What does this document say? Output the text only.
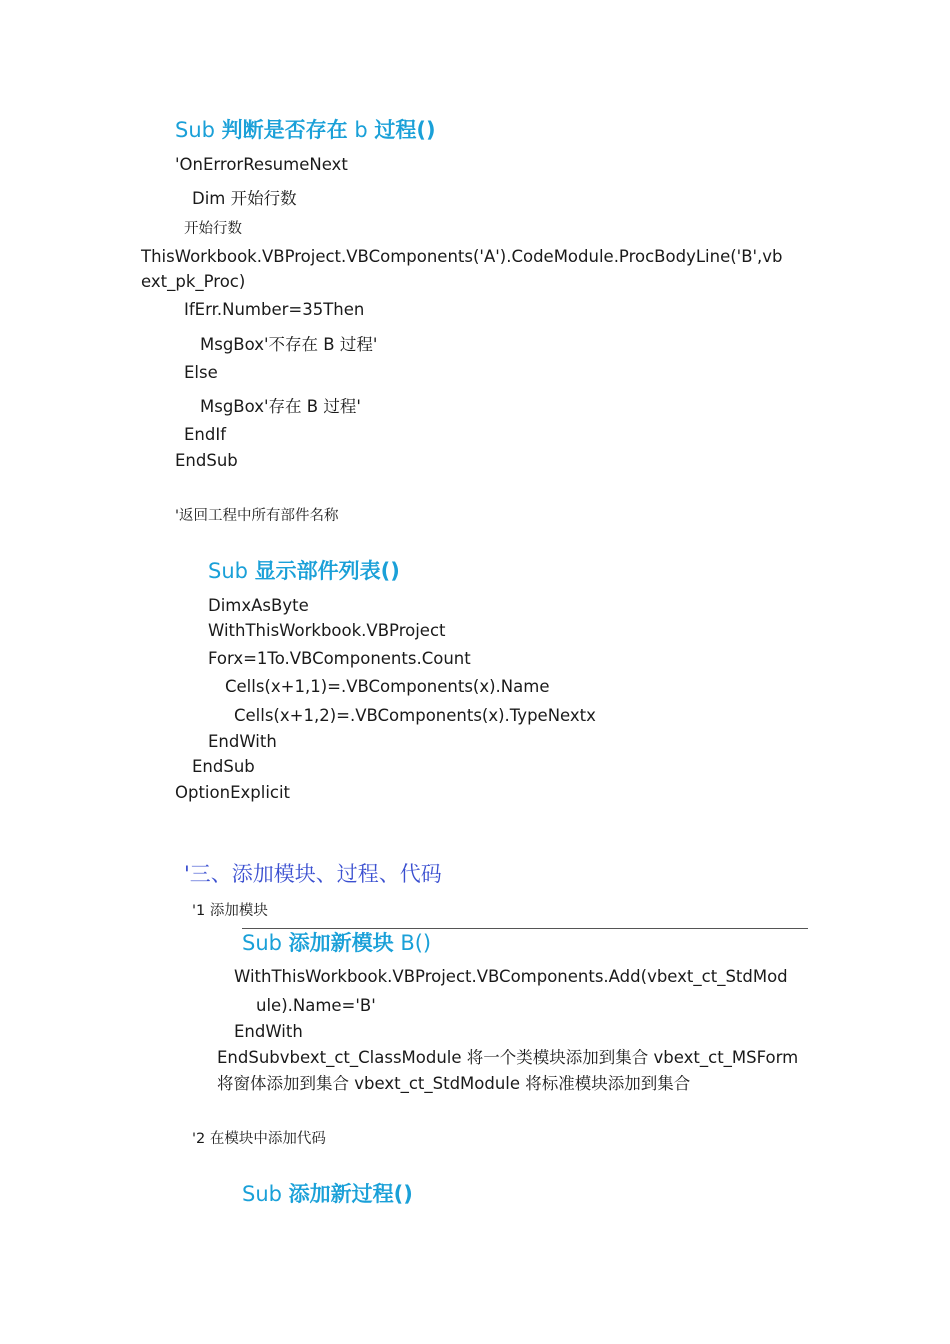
Sub 判断是否存在 b 过程()
'OnErrorResumeNext
Dim 开始行数
开始行数
ThisWorkbook.VBProject.VBComponents('A').CodeModule.ProcBodyLine('B',vb
ext_pk_Proc)
IfErr.Number=35Then
MsgBox'不存在 B 过程'
Else
MsgBox'存在 B 过程'
EndIf
EndSub
'返回工程中所有部件名称
Sub 显示部件列表()
DimxAsByte
WithThisWorkbook.VBProject
Forx=1To.VBComponents.Count
Cells(x+1,1)=.VBComponents(x).Name
Cells(x+1,2)=.VBComponents(x).TypeNextx
EndWith
EndSub
OptionExplicit
'三、添加模块、过程、代码
'1 添加模块
Sub 添加新模块 B()
WithThisWorkbook.VBProject.VBComponents.Add(vbext_ct_StdMod
ule).Name='B'
EndWith
EndSubvbext_ct_ClassModule 将一个类模块添加到集合 vbext_ct_MSForm
将窗体添加到集合 vbext_ct_StdModule 将标准模块添加到集合
'2 在模块中添加代码
Sub 添加新过程()
